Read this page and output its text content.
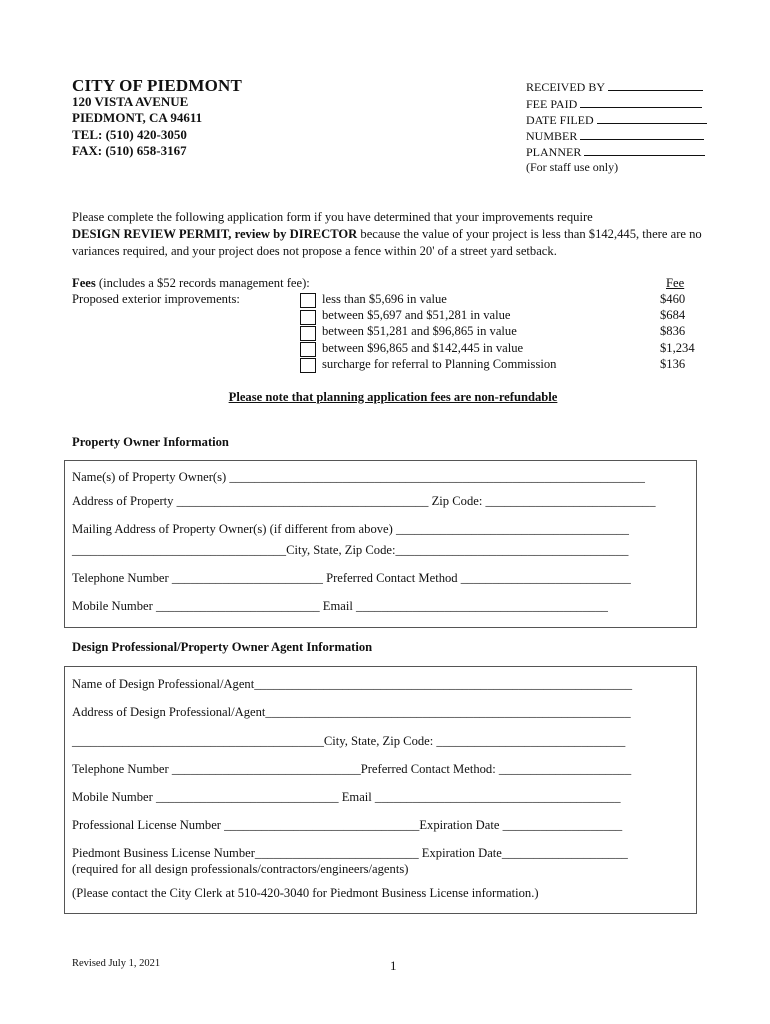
CITY OF PIEDMONT
120 VISTA AVENUE
PIEDMONT, CA 94611
TEL: (510) 420-3050
FAX: (510) 658-3167
RECEIVED BY
FEE PAID
DATE FILED
NUMBER
PLANNER
(For staff use only)
Please complete the following application form if you have determined that your improvements require
DESIGN REVIEW PERMIT, review by DIRECTOR because the value of your project is less than $142,445, there are no variances required, and your project does not propose a fence within 20' of a street yard setback.
Fees (includes a $52 records management fee):
Proposed exterior improvements:
Fee
less than $5,696 in value	$460
between $5,697 and $51,281 in value	$684
between $51,281 and $96,865 in value	$836
between $96,865 and $142,445 in value	$1,234
surcharge for referral to Planning Commission	$136
Please note that planning application fees are non-refundable
Property Owner Information
Name(s) of Property Owner(s) __________________________________________________________________
Address of Property ________________________________________ Zip Code: ___________________________
Mailing Address of Property Owner(s) (if different from above) _____________________________________
__________________________________City, State, Zip Code:_____________________________________
Telephone Number ________________________ Preferred Contact Method ___________________________
Mobile Number __________________________ Email ________________________________________
Design Professional/Property Owner Agent Information
Name of Design Professional/Agent____________________________________________________________
Address of Design Professional/Agent__________________________________________________________
________________________________________City, State, Zip Code: ______________________________
Telephone Number ______________________________Preferred Contact Method: _____________________
Mobile Number _____________________________ Email _______________________________________
Professional License Number _______________________________Expiration Date ___________________
Piedmont Business License Number__________________________ Expiration Date____________________
(required for all design professionals/contractors/engineers/agents)
(Please contact the City Clerk at 510-420-3040 for Piedmont Business License information.)
Revised July 1, 2021	1
